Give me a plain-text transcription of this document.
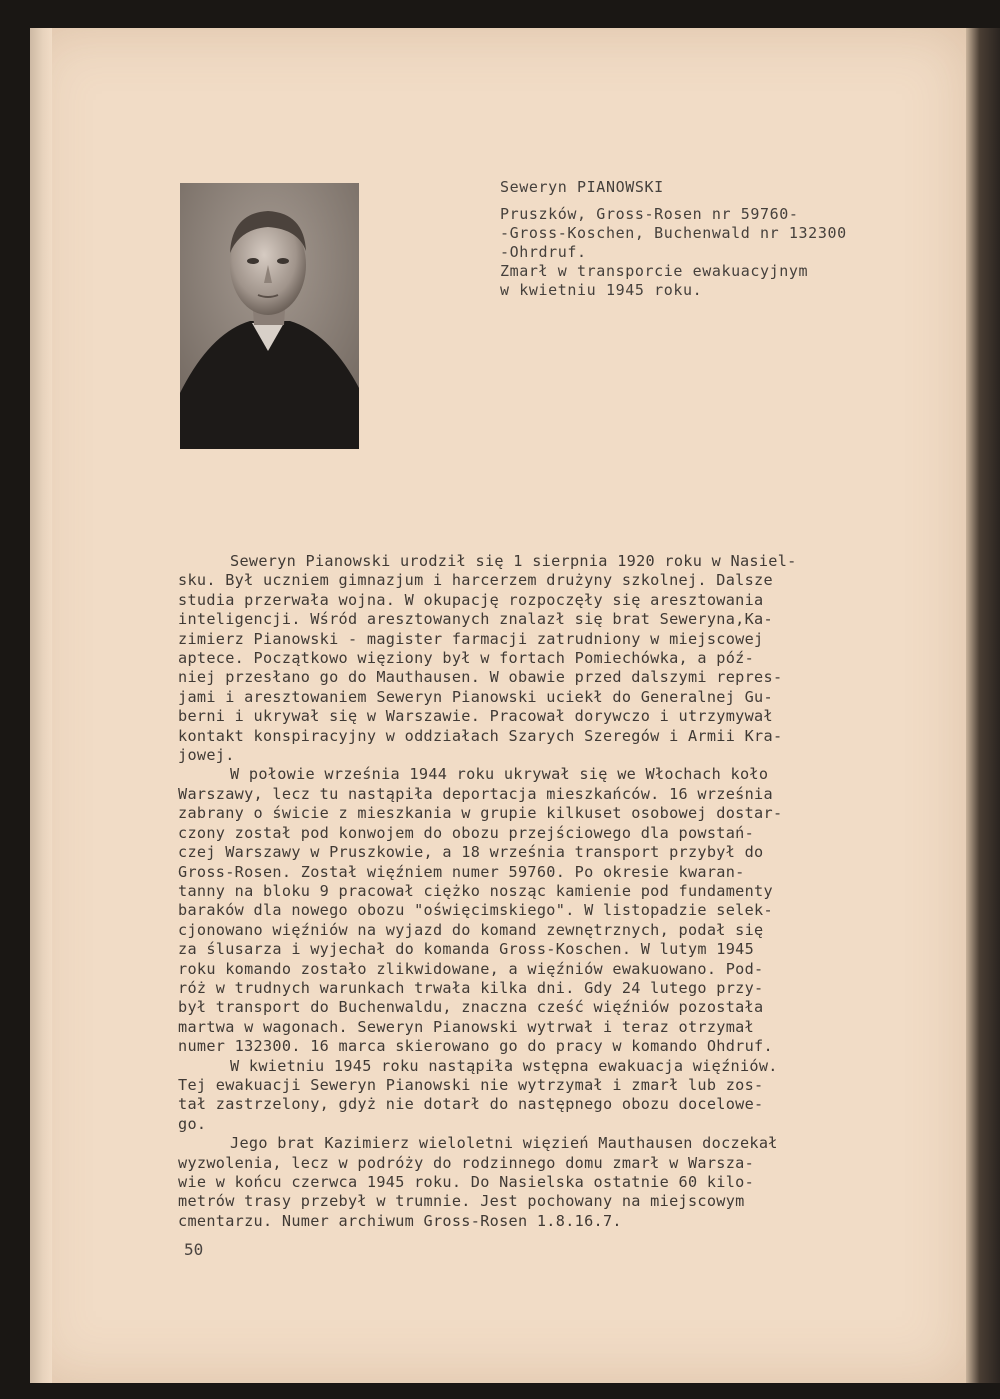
Seweryn PIANOWSKI
Pruszków, Gross-Rosen nr 59760-
-Gross-Koschen, Buchenwald nr 132300
-Ohrdruf.
Zmarł w transporcie ewakuacyjnym
w kwietniu 1945 roku.

Seweryn Pianowski urodził się 1 sierpnia 1920 roku w Nasiel-
sku. Był uczniem gimnazjum i harcerzem drużyny szkolnej. Dalsze
studia przerwała wojna. W okupację rozpoczęły się aresztowania
inteligencji. Wśród aresztowanych znalazł się brat Seweryna,Ka-
zimierz Pianowski - magister farmacji zatrudniony w miejscowej
aptece. Początkowo więziony był w fortach Pomiechówka, a póź-
niej przesłano go do Mauthausen. W obawie przed dalszymi repres-
jami i aresztowaniem Seweryn Pianowski uciekł do Generalnej Gu-
berni i ukrywał się w Warszawie. Pracował dorywczo i utrzymywał
kontakt konspiracyjny w oddziałach Szarych Szeregów i Armii Kra-
jowej.

W połowie września 1944 roku ukrywał się we Włochach koło
Warszawy, lecz tu nastąpiła deportacja mieszkańców. 16 września
zabrany o świcie z mieszkania w grupie kilkuset osobowej dostar-
czony został pod konwojem do obozu przejściowego dla powstań-
czej Warszawy w Pruszkowie, a 18 września transport przybył do
Gross-Rosen. Został więźniem numer 59760. Po okresie kwaran-
tanny na bloku 9 pracował ciężko nosząc kamienie pod fundamenty
baraków dla nowego obozu "oświęcimskiego". W listopadzie selek-
cjonowano więźniów na wyjazd do komand zewnętrznych, podał się
za ślusarza i wyjechał do komanda Gross-Koschen. W lutym 1945
roku komando zostało zlikwidowane, a więźniów ewakuowano. Pod-
róż w trudnych warunkach trwała kilka dni. Gdy 24 lutego przy-
był transport do Buchenwaldu, znaczna cześć więźniów pozostała
martwa w wagonach. Seweryn Pianowski wytrwał i teraz otrzymał
numer 132300. 16 marca skierowano go do pracy w komando Ohdruf.

W kwietniu 1945 roku nastąpiła wstępna ewakuacja więźniów.
Tej ewakuacji Seweryn Pianowski nie wytrzymał i zmarł lub zos-
tał zastrzelony, gdyż nie dotarł do następnego obozu docelowe-
go.

Jego brat Kazimierz wieloletni więzień Mauthausen doczekał
wyzwolenia, lecz w podróży do rodzinnego domu zmarł w Warsza-
wie w końcu czerwca 1945 roku. Do Nasielska ostatnie 60 kilo-
metrów trasy przebył w trumnie. Jest pochowany na miejscowym
cmentarzu. Numer archiwum Gross-Rosen 1.8.16.7.

50
